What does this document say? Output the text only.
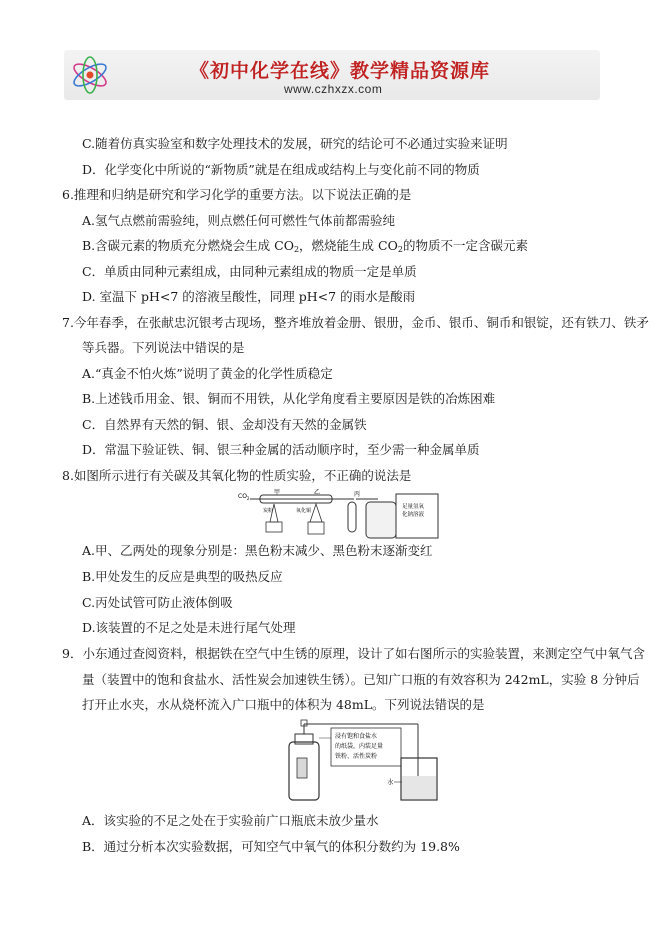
《初中化学在线》教学精品资源库
www.czhxzx.com
C.随着仿真实验室和数字处理技术的发展，研究的结论可不必通过实验来证明
D．化学变化中所说的“新物质”就是在组成或结构上与变化前不同的物质
6.推理和归纳是研究和学习化学的重要方法。以下说法正确的是
A.氢气点燃前需验纯，则点燃任何可燃性气体前都需验纯
B.含碳元素的物质充分燃烧会生成 $CO_2$，燃烧能生成 $CO_2$的物质不一定含碳元素
C．单质由同种元素组成，由同种元素组成的物质一定是单质
D. 室温下 pH<7 的溶液呈酸性，同理 pH<7 的雨水是酸雨
7.今年春季，在张献忠沉银考古现场，整齐堆放着金册、银册，金币、银币、铜币和银锭，还有铁刀、铁矛
等兵器。下列说法中错误的是
A.“真金不怕火炼”说明了黄金的化学性质稳定
B.上述钱币用金、银、铜而不用铁，从化学角度看主要原因是铁的冶炼困难
C．自然界有天然的铜、银、金却没有天然的金属铁
D．常温下验证铁、铜、银三种金属的活动顺序时，至少需一种金属单质
8.如图所示进行有关碳及其氧化物的性质实验，不正确的说法是
$CO_2$
甲	乙
炭粉	氧化铜
丙
足量氢氧
化钠溶液
A.甲、乙两处的现象分别是：黑色粉末减少、黑色粉末逐渐变红
B.甲处发生的反应是典型的吸热反应
C.丙处试管可防止液体倒吸
D.该装置的不足之处是未进行尾气处理
9．小东通过查阅资料，根据铁在空气中生锈的原理，设计了如右图所示的实验装置，来测定空气中氧气含
量（装置中的饱和食盐水、活性炭会加速铁生锈）。已知广口瓶的有效容积为 242mL，实验 8 分钟后
打开止水夹，水从烧杯流入广口瓶中的体积为 48mL。下列说法错误的是
浸有饱和食盐水
的纸袋，内装足量
铁粉、活性炭粉
水
A．该实验的不足之处在于实验前广口瓶底未放少量水
B．通过分析本次实验数据，可知空气中氧气的体积分数约为 19.8%
